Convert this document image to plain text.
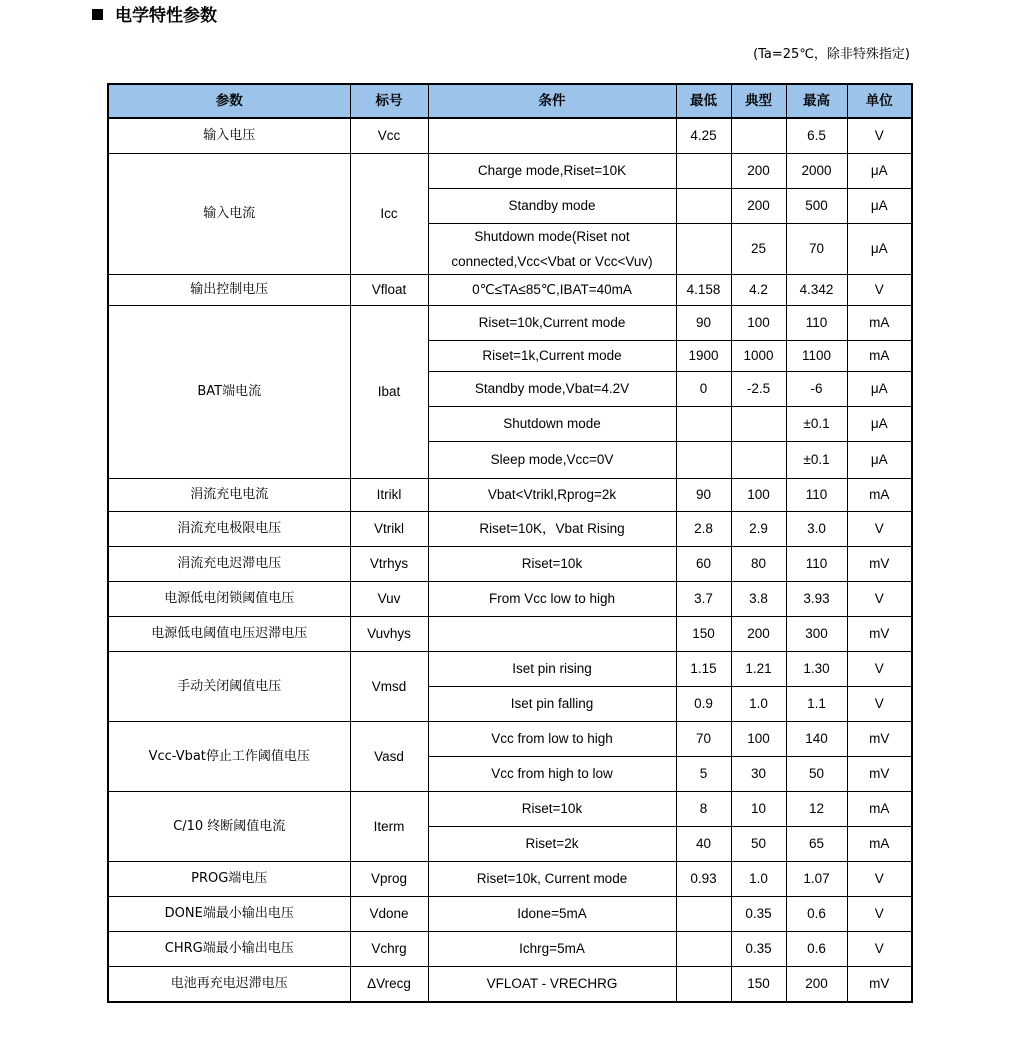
电学特性参数
(Ta=25℃，除非特殊指定)
参数	标号	条件	最低	典型	最高	单位
输入电压	Vcc		4.25		6.5	V
输入电流	Icc	Charge mode,Riset=10K		200	2000	μA
		Standby mode		200	500	μA
		Shutdown mode(Riset not connected,Vcc<Vbat or Vcc<Vuv)		25	70	μA
输出控制电压	Vfloat	0℃≤TA≤85℃,IBAT=40mA	4.158	4.2	4.342	V
BAT端电流	Ibat	Riset=10k,Current mode	90	100	110	mA
		Riset=1k,Current mode	1900	1000	1100	mA
		Standby mode,Vbat=4.2V	0	-2.5	-6	μA
		Shutdown mode			±0.1	μA
		Sleep mode,Vcc=0V			±0.1	μA
涓流充电电流	Itrikl	Vbat<Vtrikl,Rprog=2k	90	100	110	mA
涓流充电极限电压	Vtrikl	Riset=10K，Vbat Rising	2.8	2.9	3.0	V
涓流充电迟滞电压	Vtrhys	Riset=10k	60	80	110	mV
电源低电闭锁阈值电压	Vuv	From Vcc low to high	3.7	3.8	3.93	V
电源低电阈值电压迟滞电压	Vuvhys		150	200	300	mV
手动关闭阈值电压	Vmsd	Iset pin rising	1.15	1.21	1.30	V
		Iset pin falling	0.9	1.0	1.1	V
Vcc-Vbat停止工作阈值电压	Vasd	Vcc from low to high	70	100	140	mV
		Vcc from high to low	5	30	50	mV
C/10 终断阈值电流	Iterm	Riset=10k	8	10	12	mA
		Riset=2k	40	50	65	mA
PROG端电压	Vprog	Riset=10k, Current mode	0.93	1.0	1.07	V
DONE端最小输出电压	Vdone	Idone=5mA		0.35	0.6	V
CHRG端最小输出电压	Vchrg	Ichrg=5mA		0.35	0.6	V
电池再充电迟滞电压	ΔVrecg	VFLOAT - VRECHRG		150	200	mV
